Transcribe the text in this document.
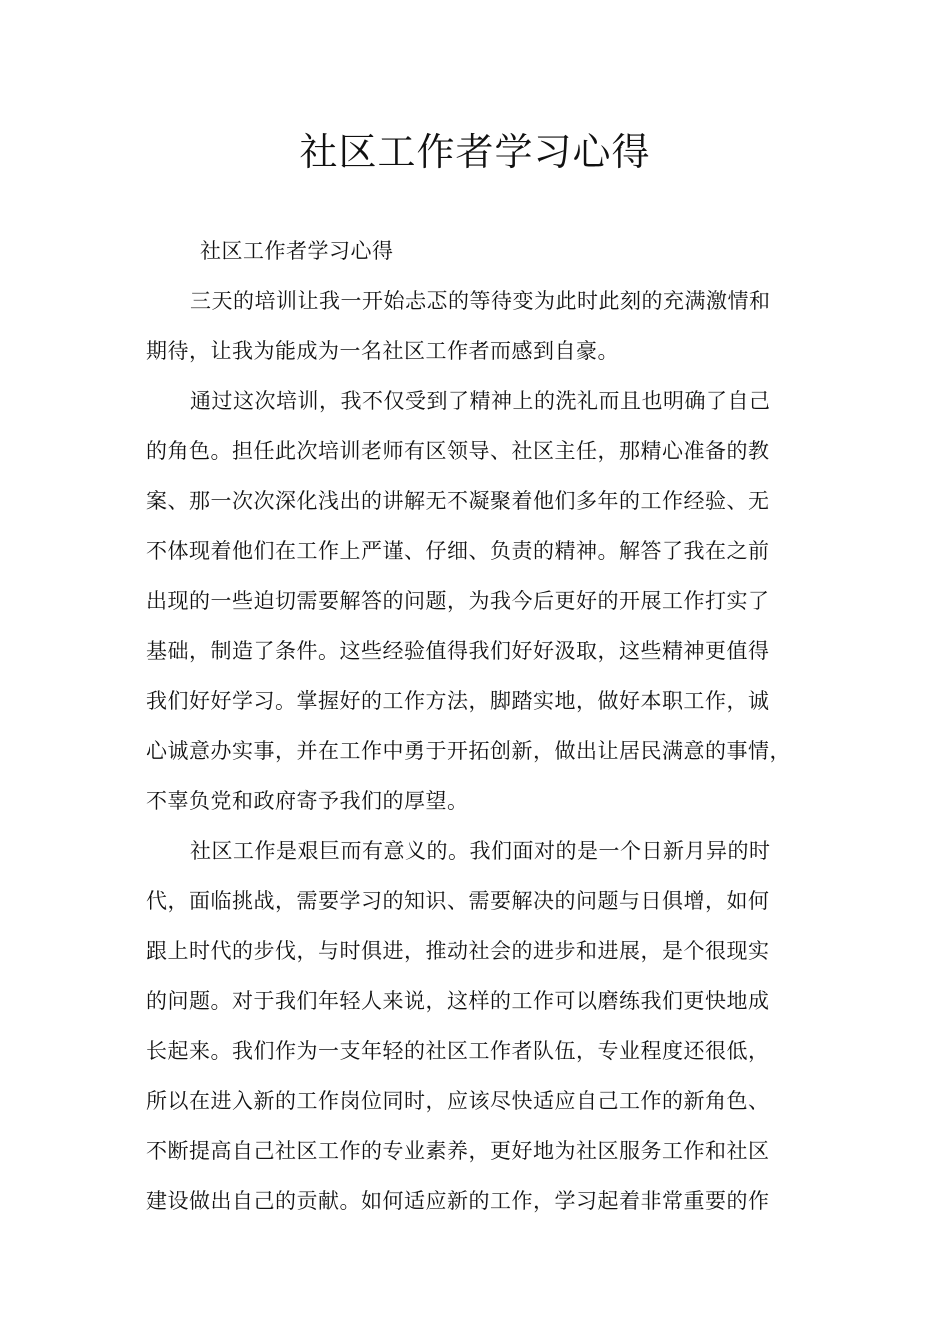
社区工作者学习心得
社区工作者学习心得
三天的培训让我一开始忐忑的等待变为此时此刻的充满激情和
期待，让我为能成为一名社区工作者而感到自豪。
通过这次培训，我不仅受到了精神上的洗礼而且也明确了自己
的角色。担任此次培训老师有区领导、社区主任，那精心准备的教
案、那一次次深化浅出的讲解无不凝聚着他们多年的工作经验、无
不体现着他们在工作上严谨、仔细、负责的精神。解答了我在之前
出现的一些迫切需要解答的问题，为我今后更好的开展工作打实了
基础，制造了条件。这些经验值得我们好好汲取，这些精神更值得
我们好好学习。掌握好的工作方法，脚踏实地，做好本职工作，诚
心诚意办实事，并在工作中勇于开拓创新，做出让居民满意的事情，
不辜负党和政府寄予我们的厚望。
社区工作是艰巨而有意义的。我们面对的是一个日新月异的时
代，面临挑战，需要学习的知识、需要解决的问题与日俱增，如何
跟上时代的步伐，与时俱进，推动社会的进步和进展，是个很现实
的问题。对于我们年轻人来说，这样的工作可以磨练我们更快地成
长起来。我们作为一支年轻的社区工作者队伍，专业程度还很低，
所以在进入新的工作岗位同时，应该尽快适应自己工作的新角色、
不断提高自己社区工作的专业素养，更好地为社区服务工作和社区
建设做出自己的贡献。如何适应新的工作，学习起着非常重要的作
